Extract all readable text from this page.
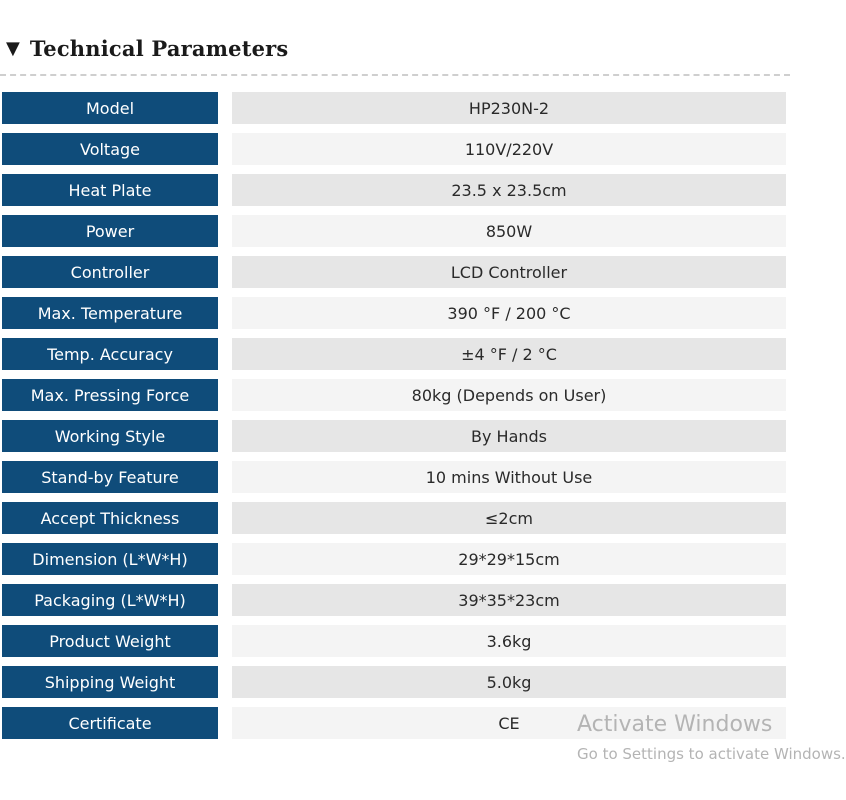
▼ Technical Parameters
Model	HP230N-2
Voltage	110V/220V
Heat Plate	23.5 x 23.5cm
Power	850W
Controller	LCD Controller
Max. Temperature	390 °F / 200 °C
Temp. Accuracy	±4 °F / 2 °C
Max. Pressing Force	80kg (Depends on User)
Working Style	By Hands
Stand-by Feature	10 mins Without Use
Accept Thickness	≤2cm
Dimension (L*W*H)	29*29*15cm
Packaging (L*W*H)	39*35*23cm
Product Weight	3.6kg
Shipping Weight	5.0kg
Certificate	CE	Activate Windows
Go to Settings to activate Windows.
